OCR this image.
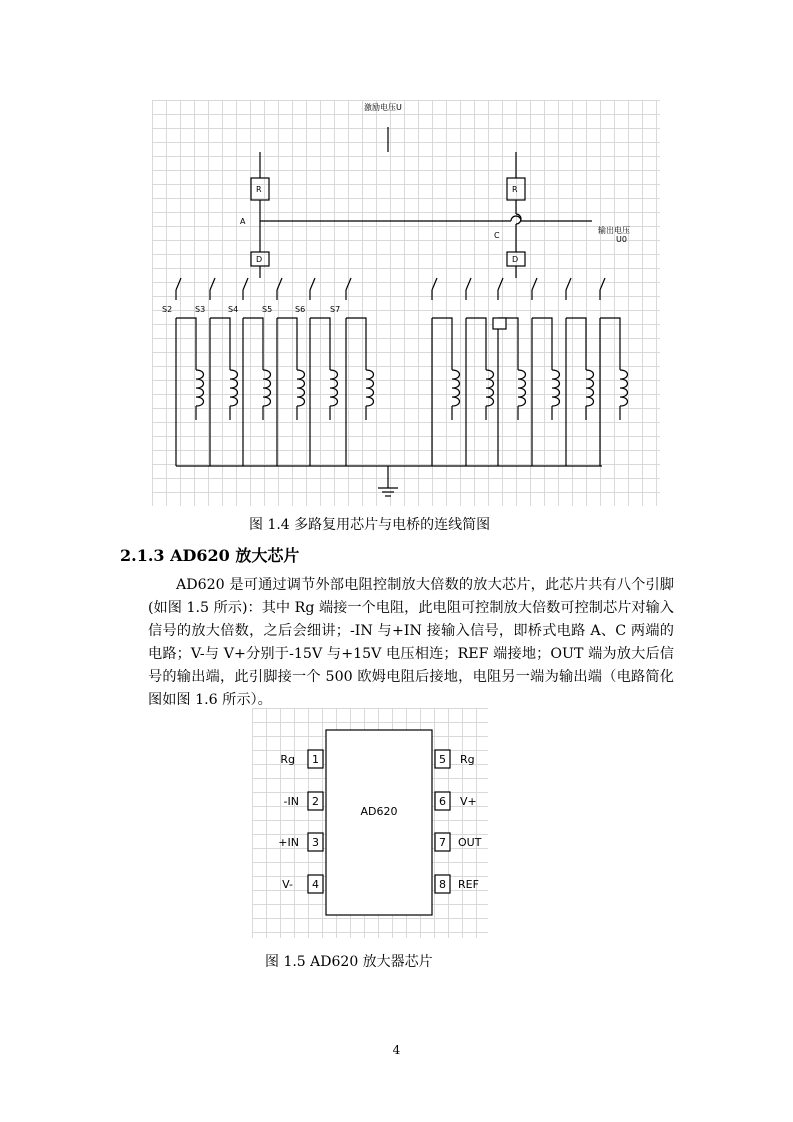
激励电压U
A
C
输出电压
U0
R	R
D	D
S2	S3	S4	S5	S6	S7
图 1.4 多路复用芯片与电桥的连线简图
2.1.3 AD620 放大芯片

AD620 是可通过调节外部电阻控制放大倍数的放大芯片，此芯片共有八个引脚(如图 1.5 所示)：其中 Rg 端接一个电阻，此电阻可控制放大倍数可控制芯片对输入信号的放大倍数，之后会细讲；-IN 与+IN 接输入信号，即桥式电路 A、C 两端的电路；V-与 V+分别于-15V 与+15V 电压相连；REF 端接地；OUT 端为放大后信号的输出端，此引脚接一个 500 欧姆电阻后接地，电阻另一端为输出端（电路简化图如图 1.6 所示）。

AD620
1
2
3
4
5
6
7
8
Rg
-IN
+IN
V-
Rg
V+
OUT
REF
图 1.5 AD620 放大器芯片
4
